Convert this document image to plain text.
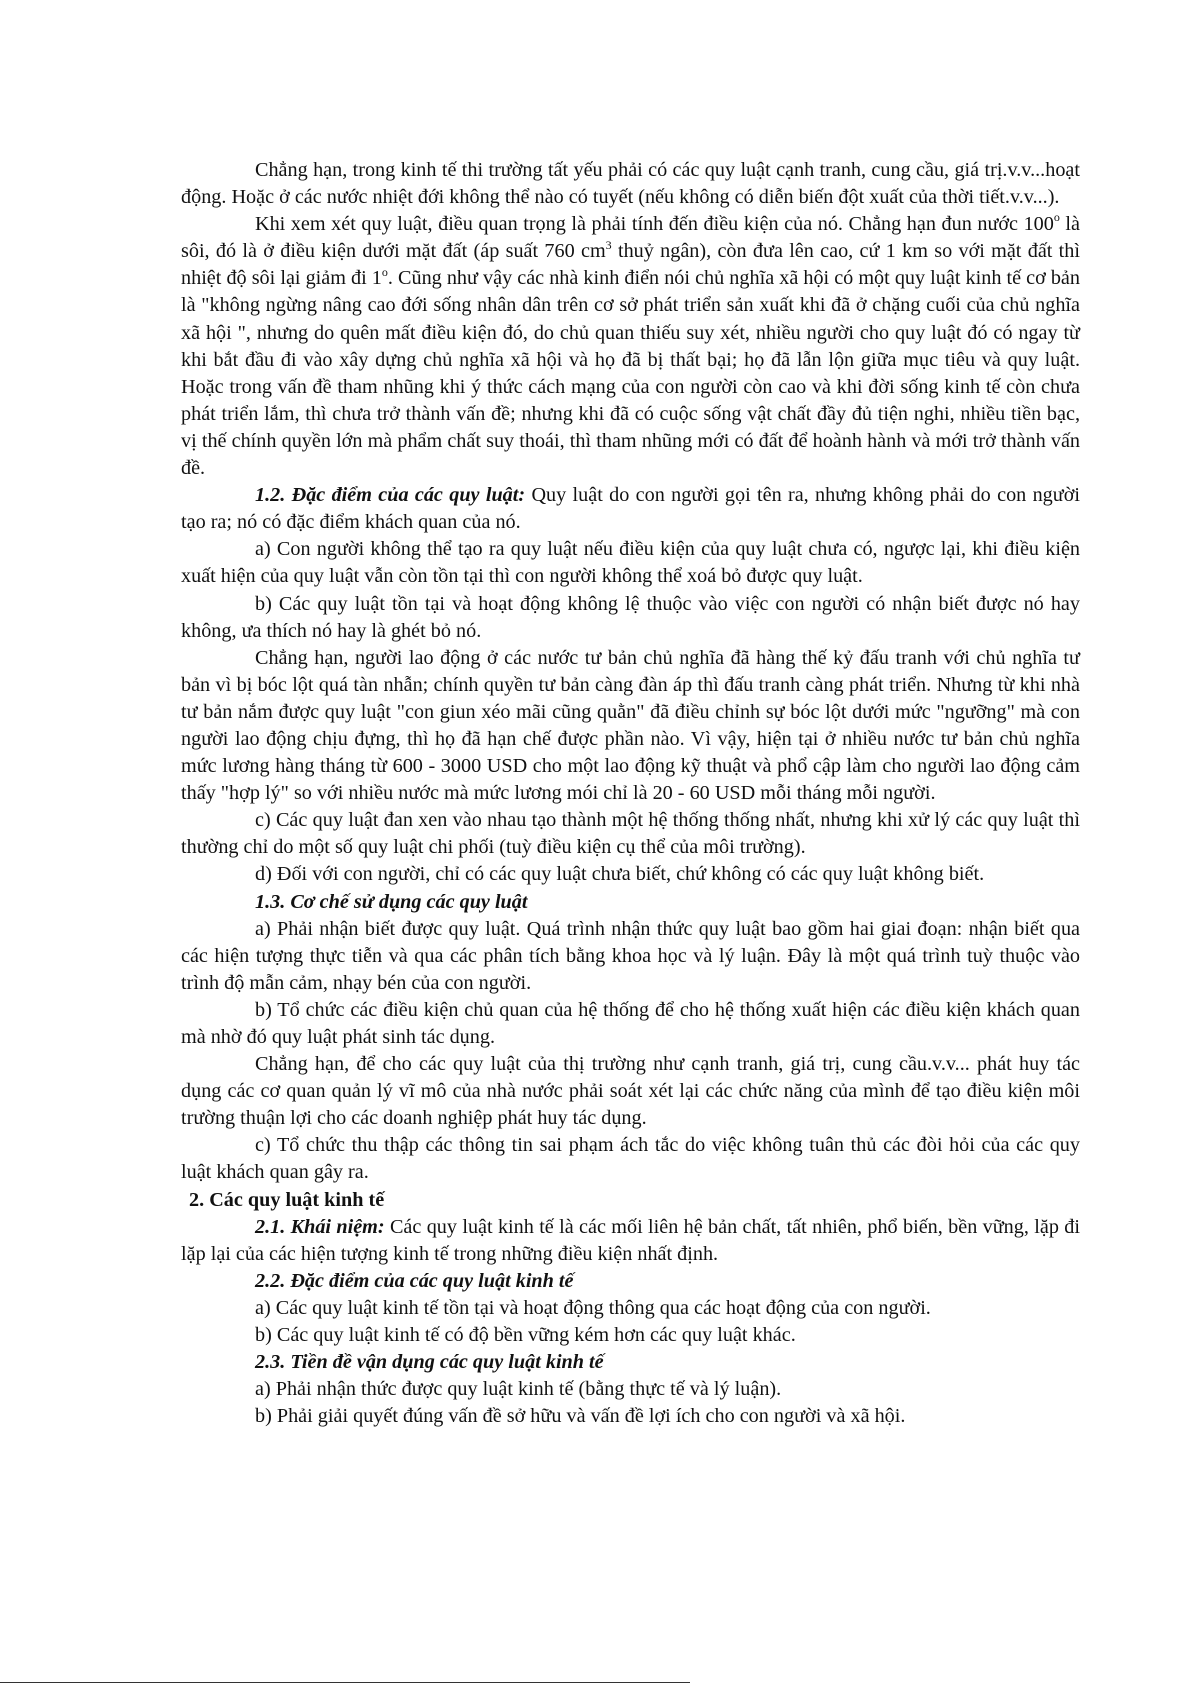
Chẳng hạn, trong kinh tế thi trường tất yếu phải có các quy luật cạnh tranh, cung cầu, giá trị.v.v...hoạt động. Hoặc ở các nước nhiệt đới không thể nào có tuyết (nếu không có diễn biến đột xuất của thời tiết.v.v...).

Khi xem xét quy luật, điều quan trọng là phải tính đến điều kiện của nó. Chẳng hạn đun nước 100$^o$ là sôi, đó là ở điều kiện dưới mặt đất (áp suất 760 $cm^3$ thuỷ ngân), còn đưa lên cao, cứ 1 km so với mặt đất thì nhiệt độ sôi lại giảm đi 1$^o$. Cũng như vậy các nhà kinh điển nói chủ nghĩa xã hội có một quy luật kinh tế cơ bản là "không ngừng nâng cao đới sống nhân dân trên cơ sở phát triển sản xuất khi đã ở chặng cuối của chủ nghĩa xã hội ", nhưng do quên mất điều kiện đó, do chủ quan thiếu suy xét, nhiều người cho quy luật đó có ngay từ khi bắt đầu đi vào xây dựng chủ nghĩa xã hội và họ đã bị thất bại; họ đã lẫn lộn giữa mục tiêu và quy luật. Hoặc trong vấn đề tham nhũng khi ý thức cách mạng của con người còn cao và khi đời sống kinh tế còn chưa phát triển lắm, thì chưa trở thành vấn đề; nhưng khi đã có cuộc sống vật chất đầy đủ tiện nghi, nhiều tiền bạc, vị thế chính quyền lớn mà phẩm chất suy thoái, thì tham nhũng mới có đất để hoành hành và mới trở thành vấn đề.

1.2. Đặc điểm của các quy luật: Quy luật do con người gọi tên ra, nhưng không phải do con người tạo ra; nó có đặc điểm khách quan của nó.

a) Con người không thể tạo ra quy luật nếu điều kiện của quy luật chưa có, ngược lại, khi điều kiện xuất hiện của quy luật vẫn còn tồn tại thì con người không thể xoá bỏ được quy luật.

b) Các quy luật tồn tại và hoạt động không lệ thuộc vào việc con người có nhận biết được nó hay không, ưa thích nó hay là ghét bỏ nó.

Chẳng hạn, người lao động ở các nước tư bản chủ nghĩa đã hàng thế kỷ đấu tranh với chủ nghĩa tư bản vì bị bóc lột quá tàn nhẫn; chính quyền tư bản càng đàn áp thì đấu tranh càng phát triển. Nhưng từ khi nhà tư bản nắm được quy luật "con giun xéo mãi cũng quằn" đã điều chỉnh sự bóc lột dưới mức "ngưỡng" mà con người lao động chịu đựng, thì họ đã hạn chế được phần nào. Vì vậy, hiện tại ở nhiều nước tư bản chủ nghĩa mức lương hàng tháng từ 600 - 3000 USD cho một lao động kỹ thuật và phổ cập làm cho người lao động cảm thấy "hợp lý" so với nhiều nước mà mức lương mói chỉ là 20 - 60 USD mỗi tháng mỗi người.

c) Các quy luật đan xen vào nhau tạo thành một hệ thống thống nhất, nhưng khi xử lý các quy luật thì thường chỉ do một số quy luật chi phối (tuỳ điều kiện cụ thể của môi trường).

d) Đối với con người, chỉ có các quy luật chưa biết, chứ không có các quy luật không biết.

1.3. Cơ chế sử dụng các quy luật

a) Phải nhận biết được quy luật. Quá trình nhận thức quy luật bao gồm hai giai đoạn: nhận biết qua các hiện tượng thực tiễn và qua các phân tích bằng khoa học và lý luận. Đây là một quá trình tuỳ thuộc vào trình độ mẫn cảm, nhạy bén của con người.

b) Tổ chức các điều kiện chủ quan của hệ thống để cho hệ thống xuất hiện các điều kiện khách quan mà nhờ đó quy luật phát sinh tác dụng.

Chẳng hạn, để cho các quy luật của thị trường như cạnh tranh, giá trị, cung cầu.v.v... phát huy tác dụng các cơ quan quản lý vĩ mô của nhà nước phải soát xét lại các chức năng của mình để tạo điều kiện môi trường thuận lợi cho các doanh nghiệp phát huy tác dụng.

c) Tổ chức thu thập các thông tin sai phạm ách tắc do việc không tuân thủ các đòi hỏi của các quy luật khách quan gây ra.

2. Các quy luật kinh tế

2.1. Khái niệm: Các quy luật kinh tế là các mối liên hệ bản chất, tất nhiên, phổ biến, bền vững, lặp đi lặp lại của các hiện tượng kinh tế trong những điều kiện nhất định.

2.2. Đặc điểm của các quy luật kinh tế

a) Các quy luật kinh tế tồn tại và hoạt động thông qua các hoạt động của con người.

b) Các quy luật kinh tế có độ bền vững kém hơn các quy luật khác.

2.3. Tiền đề vận dụng các quy luật kinh tế

a) Phải nhận thức được quy luật kinh tế (bằng thực tế và lý luận).

b) Phải giải quyết đúng vấn đề sở hữu và vấn đề lợi ích cho con người và xã hội.
